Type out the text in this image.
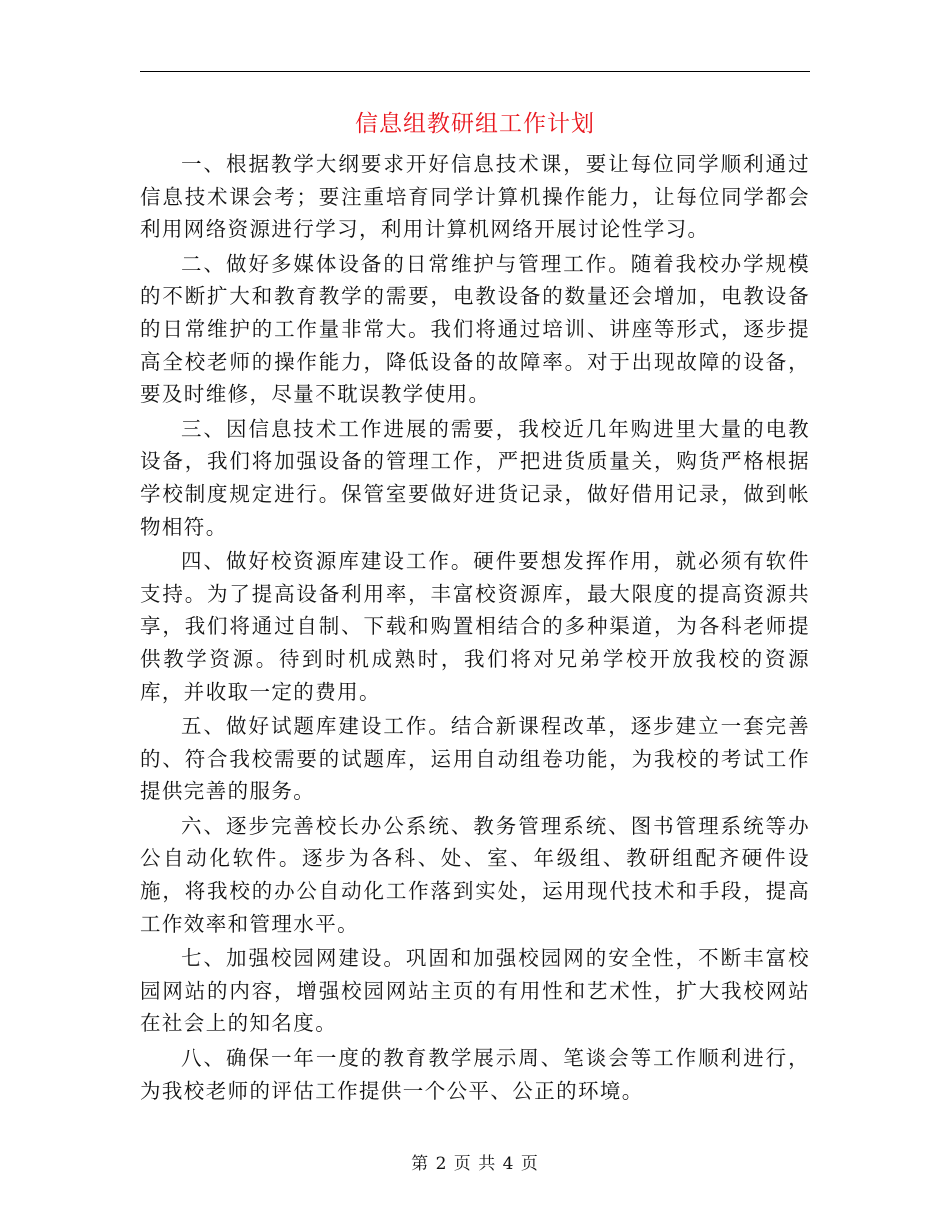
信息组教研组工作计划

一、根据教学大纲要求开好信息技术课，要让每位同学顺利通过信息技术课会考；要注重培育同学计算机操作能力，让每位同学都会利用网络资源进行学习，利用计算机网络开展讨论性学习。

二、做好多媒体设备的日常维护与管理工作。随着我校办学规模的不断扩大和教育教学的需要，电教设备的数量还会增加，电教设备的日常维护的工作量非常大。我们将通过培训、讲座等形式，逐步提高全校老师的操作能力，降低设备的故障率。对于出现故障的设备，要及时维修，尽量不耽误教学使用。

三、因信息技术工作进展的需要，我校近几年购进里大量的电教设备，我们将加强设备的管理工作，严把进货质量关，购货严格根据学校制度规定进行。保管室要做好进货记录，做好借用记录，做到帐物相符。

四、做好校资源库建设工作。硬件要想发挥作用，就必须有软件支持。为了提高设备利用率，丰富校资源库，最大限度的提高资源共享，我们将通过自制、下载和购置相结合的多种渠道，为各科老师提供教学资源。待到时机成熟时，我们将对兄弟学校开放我校的资源库，并收取一定的费用。

五、做好试题库建设工作。结合新课程改革，逐步建立一套完善的、符合我校需要的试题库，运用自动组卷功能，为我校的考试工作提供完善的服务。

六、逐步完善校长办公系统、教务管理系统、图书管理系统等办公自动化软件。逐步为各科、处、室、年级组、教研组配齐硬件设施，将我校的办公自动化工作落到实处，运用现代技术和手段，提高工作效率和管理水平。

七、加强校园网建设。巩固和加强校园网的安全性，不断丰富校园网站的内容，增强校园网站主页的有用性和艺术性，扩大我校网站在社会上的知名度。

八、确保一年一度的教育教学展示周、笔谈会等工作顺利进行，为我校老师的评估工作提供一个公平、公正的环境。

第 2 页 共 4 页
